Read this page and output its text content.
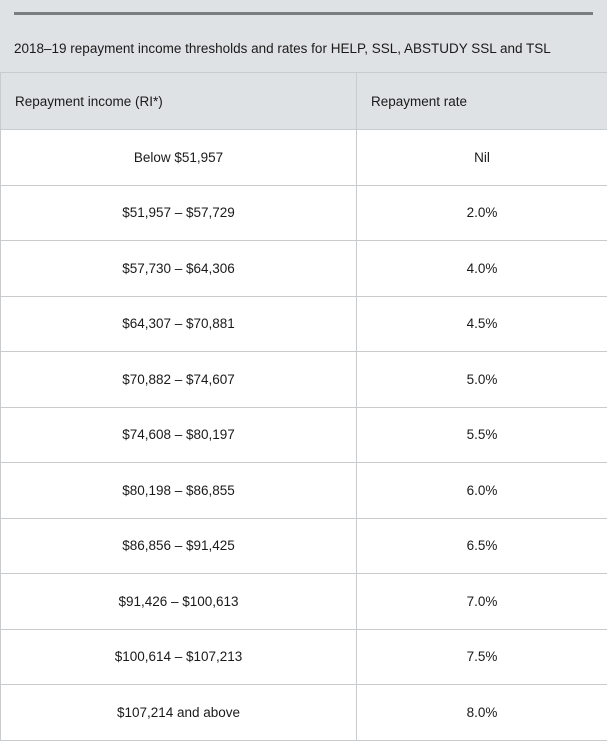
2018–19 repayment income thresholds and rates for HELP, SSL, ABSTUDY SSL and TSL
Repayment income (RI*)	Repayment rate
Below $51,957	Nil
$51,957 – $57,729	2.0%
$57,730 – $64,306	4.0%
$64,307 – $70,881	4.5%
$70,882 – $74,607	5.0%
$74,608 – $80,197	5.5%
$80,198 – $86,855	6.0%
$86,856 – $91,425	6.5%
$91,426 – $100,613	7.0%
$100,614 – $107,213	7.5%
$107,214 and above	8.0%
